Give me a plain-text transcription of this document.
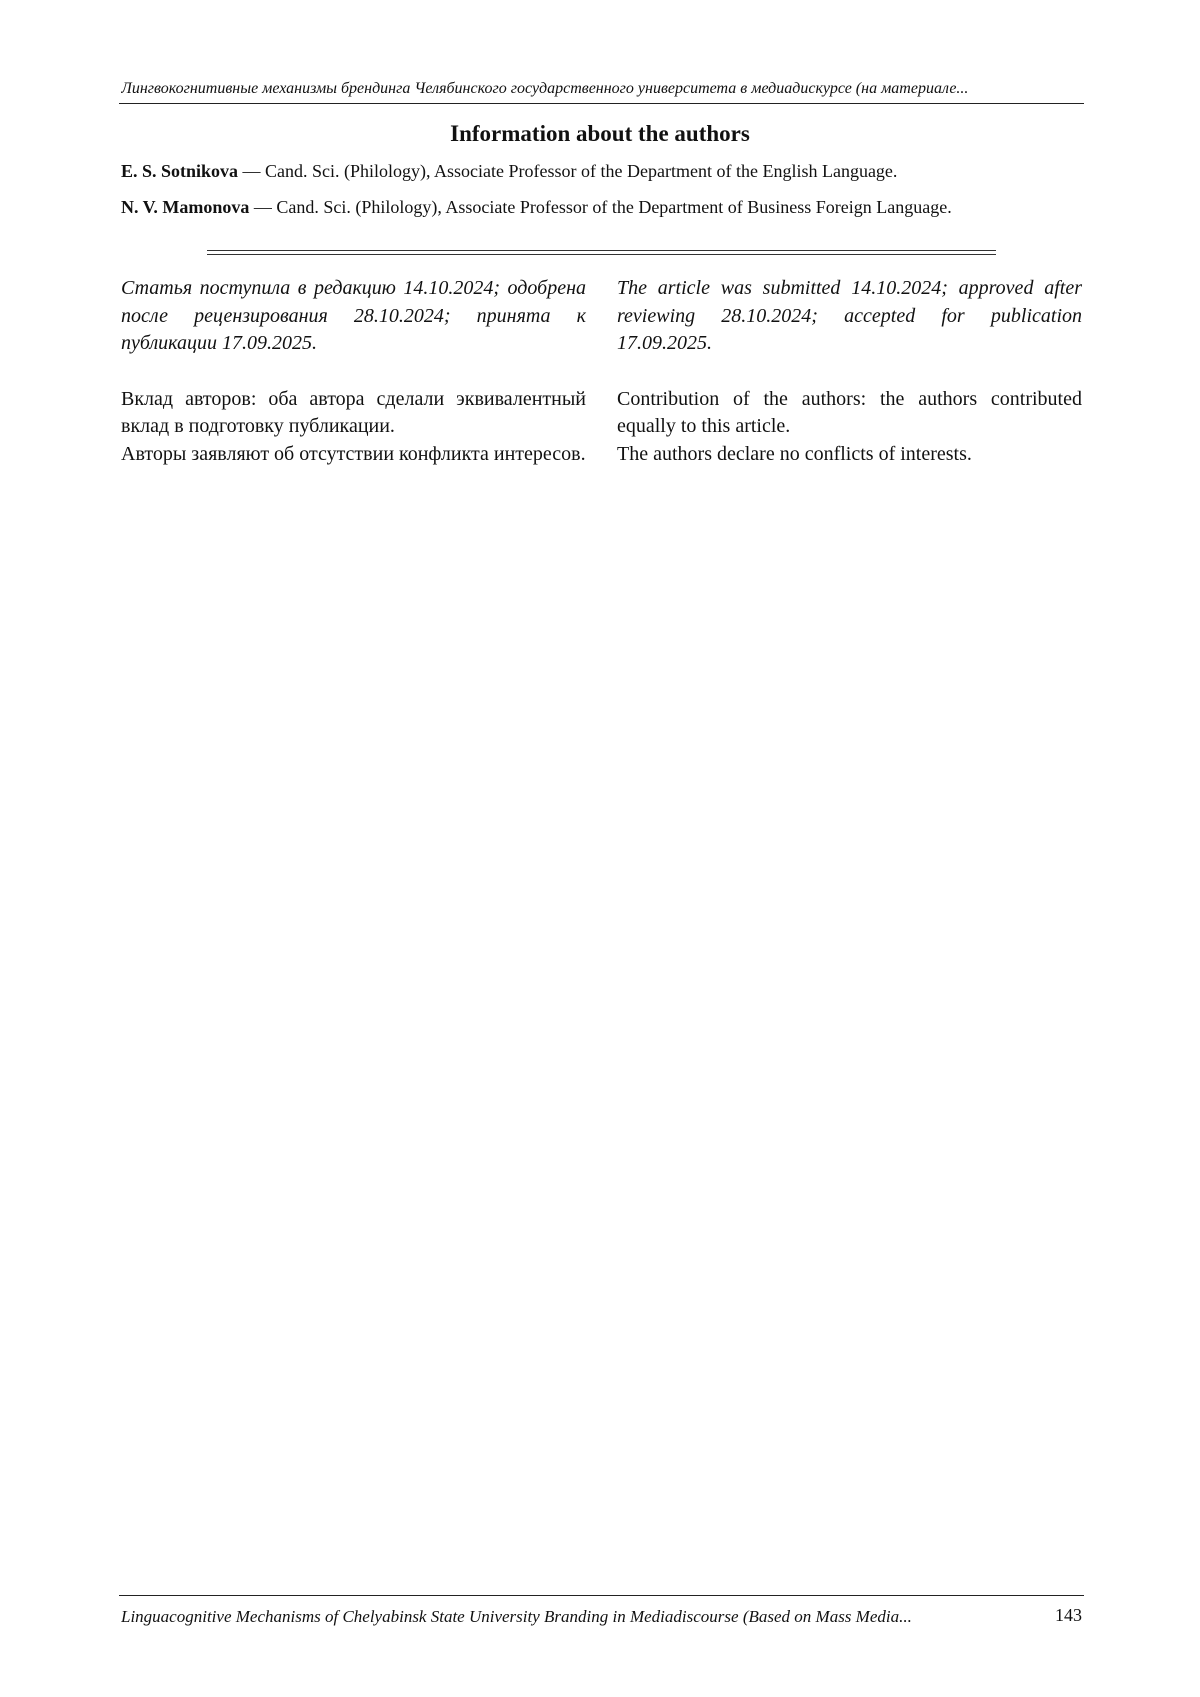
Лингвокогнитивные механизмы брендинга Челябинского государственного университета в медиадискурсе (на материале...
Information about the authors
E. S. Sotnikova — Cand. Sci. (Philology), Associate Professor of the Department of the English Language.
N. V. Mamonova — Cand. Sci. (Philology), Associate Professor of the Department of Business Foreign Language.

Статья поступила в редакцию 14.10.2024; одобрена после рецензирования 28.10.2024; принята к публикации 17.09.2025.

Вклад авторов: оба автора сделали эквивалентный вклад в подготовку публикации.

Авторы заявляют об отсутствии конфликта интересов.

The article was submitted 14.10.2024; approved after reviewing 28.10.2024; accepted for publication 17.09.2025.

Contribution of the authors: the authors contributed equally to this article.

The authors declare no conflicts of interests.

Linguacognitive Mechanisms of Chelyabinsk State University Branding in Mediadiscourse (Based on Mass Media...	143
